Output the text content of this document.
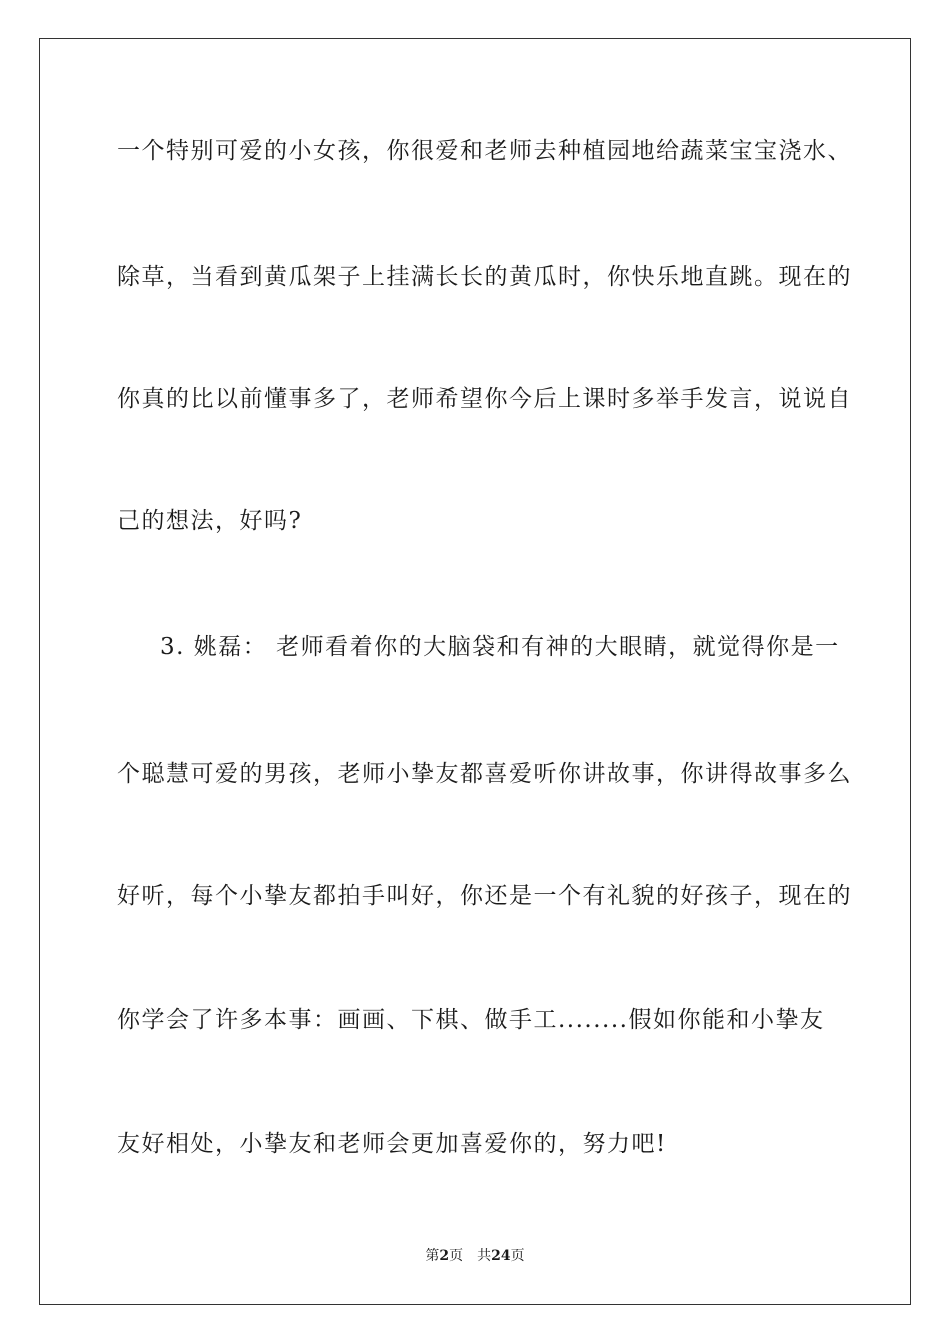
一个特别可爱的小女孩，你很爱和老师去种植园地给蔬菜宝宝浇水、
除草，当看到黄瓜架子上挂满长长的黄瓜时，你快乐地直跳。现在的
你真的比以前懂事多了，老师希望你今后上课时多举手发言，说说自
己的想法，好吗?
3. 姚磊： 老师看着你的大脑袋和有神的大眼睛，就觉得你是一
个聪慧可爱的男孩，老师小挚友都喜爱听你讲故事，你讲得故事多么
好听，每个小挚友都拍手叫好，你还是一个有礼貌的好孩子，现在的
你学会了许多本事：画画、下棋、做手工........假如你能和小挚友
友好相处，小挚友和老师会更加喜爱你的，努力吧!
第2页 共24页
